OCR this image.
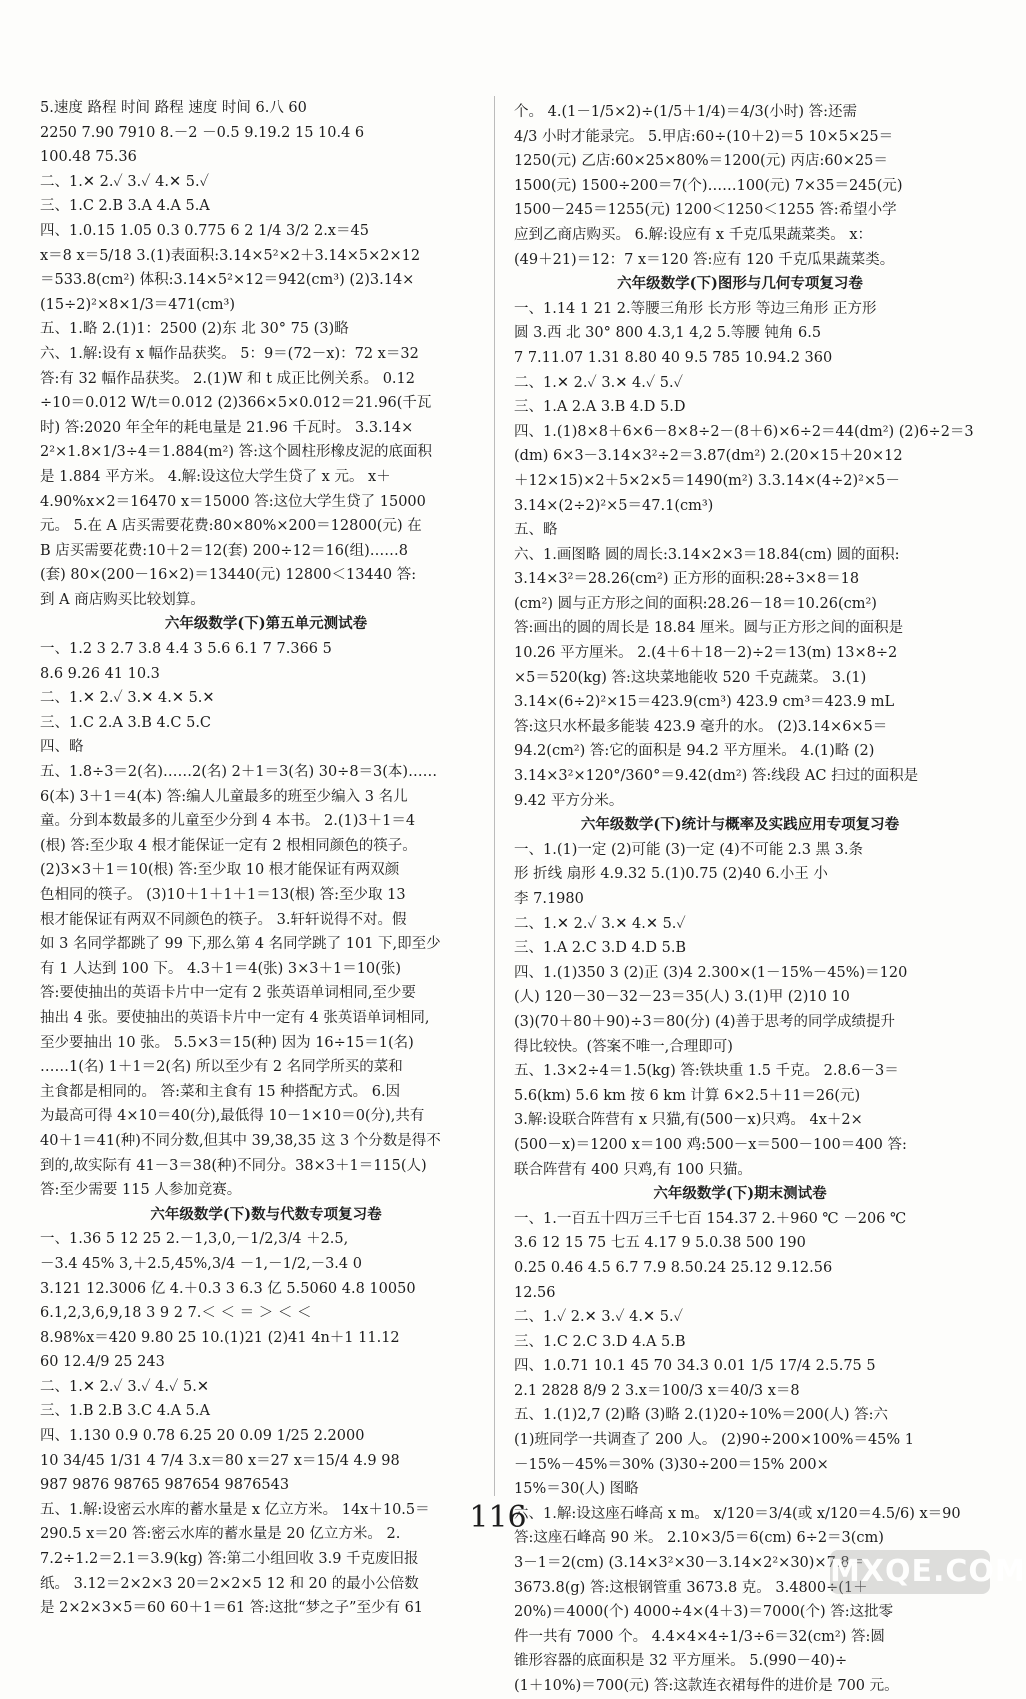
5.速度 路程 时间 路程 速度 时间 6.八 60
2250 7.90 7910 8.－2 －0.5 9.19.2 15 10.4 6
100.48 75.36
二、1.✕ 2.✓ 3.✓ 4.✕ 5.✓
三、1.C 2.B 3.A 4.A 5.A
四、1.0.15 1.05 0.3 0.775 6 2 1/4 3/2 2.x＝45
x＝8 x＝5/18 3.(1)表面积:3.14×5²×2＋3.14×5×2×12
＝533.8(cm²) 体积:3.14×5²×12＝942(cm³) (2)3.14×
(15÷2)²×8×1/3＝471(cm³)
五、1.略 2.(1)1：2500 (2)东 北 30° 75 (3)略
六、1.解:设有 x 幅作品获奖。 5：9＝(72－x)：72 x＝32
答:有 32 幅作品获奖。 2.(1)W 和 t 成正比例关系。 0.12
÷10＝0.012 W/t＝0.012 (2)366×5×0.012＝21.96(千瓦
时) 答:2020 年全年的耗电量是 21.96 千瓦时。 3.3.14×
2²×1.8×1/3÷4＝1.884(m²) 答:这个圆柱形橡皮泥的底面积
是 1.884 平方米。 4.解:设这位大学生贷了 x 元。 x＋
4.90%x×2＝16470 x＝15000 答:这位大学生贷了 15000
元。 5.在 A 店买需要花费:80×80%×200＝12800(元) 在
B 店买需要花费:10＋2＝12(套) 200÷12＝16(组)……8
(套) 80×(200－16×2)＝13440(元) 12800＜13440 答:
到 A 商店购买比较划算。
六年级数学(下)第五单元测试卷
一、1.2 3 2.7 3.8 4.4 3 5.6 6.1 7 7.366 5
8.6 9.26 41 10.3
二、1.✕ 2.✓ 3.✕ 4.✕ 5.✕
三、1.C 2.A 3.B 4.C 5.C
四、略
五、1.8÷3＝2(名)……2(名) 2＋1＝3(名) 30÷8＝3(本)……
6(本) 3＋1＝4(本) 答:编人儿童最多的班至少编入 3 名儿
童。分到本数最多的儿童至少分到 4 本书。 2.(1)3＋1＝4
(根) 答:至少取 4 根才能保证一定有 2 根相同颜色的筷子。
(2)3×3＋1＝10(根) 答:至少取 10 根才能保证有两双颜
色相同的筷子。 (3)10＋1＋1＋1＝13(根) 答:至少取 13
根才能保证有两双不同颜色的筷子。 3.轩轩说得不对。假
如 3 名同学都跳了 99 下,那么第 4 名同学跳了 101 下,即至少
有 1 人达到 100 下。 4.3＋1＝4(张) 3×3＋1＝10(张)
答:要使抽出的英语卡片中一定有 2 张英语单词相同,至少要
抽出 4 张。要使抽出的英语卡片中一定有 4 张英语单词相同,
至少要抽出 10 张。 5.5×3＝15(种) 因为 16÷15＝1(名)
……1(名) 1＋1＝2(名) 所以至少有 2 名同学所买的菜和
主食都是相同的。 答:菜和主食有 15 种搭配方式。 6.因
为最高可得 4×10＝40(分),最低得 10－1×10＝0(分),共有
40＋1＝41(种)不同分数,但其中 39,38,35 这 3 个分数是得不
到的,故实际有 41－3＝38(种)不同分。38×3＋1＝115(人)
答:至少需要 115 人参加竞赛。
六年级数学(下)数与代数专项复习卷
一、1.36 5 12 25 2.－1,3,0,－1/2,3/4 ＋2.5,
－3.4 45% 3,＋2.5,45%,3/4 －1,－1/2,－3.4 0
3.121 12.3006 亿 4.＋0.3 3 6.3 亿 5.5060 4.8 10050
6.1,2,3,6,9,18 3 9 2 7.＜ ＜ ＝ ＞ ＜ ＜
8.98%x＝420 9.80 25 10.(1)21 (2)41 4n＋1 11.12
60 12.4/9 25 243
二、1.✕ 2.✓ 3.✓ 4.✓ 5.✕
三、1.B 2.B 3.C 4.A 5.A
四、1.130 0.9 0.78 6.25 20 0.09 1/25 2.2000
10 34/45 1/31 4 7/4 3.x＝80 x＝27 x＝15/4 4.9 98
987 9876 98765 987654 9876543
五、1.解:设密云水库的蓄水量是 x 亿立方米。 14x＋10.5＝
290.5 x＝20 答:密云水库的蓄水量是 20 亿立方米。 2.
7.2÷1.2＝2.1＝3.9(kg) 答:第二小组回收 3.9 千克废旧报
纸。 3.12＝2×2×3 20＝2×2×5 12 和 20 的最小公倍数
是 2×2×3×5＝60 60＋1＝61 答:这批“梦之子”至少有 61
个。 4.(1－1/5×2)÷(1/5＋1/4)＝4/3(小时) 答:还需
4/3 小时才能录完。 5.甲店:60÷(10＋2)＝5 10×5×25＝
1250(元) 乙店:60×25×80%＝1200(元) 丙店:60×25＝
1500(元) 1500÷200＝7(个)……100(元) 7×35＝245(元)
1500－245＝1255(元) 1200＜1250＜1255 答:希望小学
应到乙商店购买。 6.解:设应有 x 千克瓜果蔬菜类。 x：
(49＋21)＝12：7 x＝120 答:应有 120 千克瓜果蔬菜类。
六年级数学(下)图形与几何专项复习卷
一、1.14 1 21 2.等腰三角形 长方形 等边三角形 正方形
圆 3.西 北 30° 800 4.3,1 4,2 5.等腰 钝角 6.5
7 7.11.07 1.31 8.80 40 9.5 785 10.94.2 360
二、1.✕ 2.✓ 3.✕ 4.✓ 5.✓
三、1.A 2.A 3.B 4.D 5.D
四、1.(1)8×8＋6×6－8×8÷2－(8＋6)×6÷2＝44(dm²) (2)6÷2＝3
(dm) 6×3－3.14×3²÷2＝3.87(dm²) 2.(20×15＋20×12
＋12×15)×2＋5×2×5＝1490(m²) 3.3.14×(4÷2)²×5－
3.14×(2÷2)²×5＝47.1(cm³)
五、略
六、1.画图略 圆的周长:3.14×2×3＝18.84(cm) 圆的面积:
3.14×3²＝28.26(cm²) 正方形的面积:28÷3×8＝18
(cm²) 圆与正方形之间的面积:28.26－18＝10.26(cm²)
答:画出的圆的周长是 18.84 厘米。圆与正方形之间的面积是
10.26 平方厘米。 2.(4＋6＋18－2)÷2＝13(m) 13×8÷2
×5＝520(kg) 答:这块菜地能收 520 千克蔬菜。 3.(1)
3.14×(6÷2)²×15＝423.9(cm³) 423.9 cm³＝423.9 mL
答:这只水杯最多能装 423.9 毫升的水。 (2)3.14×6×5＝
94.2(cm²) 答:它的面积是 94.2 平方厘米。 4.(1)略 (2)
3.14×3²×120°/360°＝9.42(dm²) 答:线段 AC 扫过的面积是
9.42 平方分米。
六年级数学(下)统计与概率及实践应用专项复习卷
一、1.(1)一定 (2)可能 (3)一定 (4)不可能 2.3 黑 3.条
形 折线 扇形 4.9.32 5.(1)0.75 (2)40 6.小王 小
李 7.1980
二、1.✕ 2.✓ 3.✕ 4.✕ 5.✓
三、1.A 2.C 3.D 4.D 5.B
四、1.(1)350 3 (2)正 (3)4 2.300×(1－15%－45%)＝120
(人) 120－30－32－23＝35(人) 3.(1)甲 (2)10 10
(3)(70＋80＋90)÷3＝80(分) (4)善于思考的同学成绩提升
得比较快。(答案不唯一,合理即可)
五、1.3×2÷4＝1.5(kg) 答:铁块重 1.5 千克。 2.8.6－3＝
5.6(km) 5.6 km 按 6 km 计算 6×2.5＋11＝26(元)
3.解:设联合阵营有 x 只猫,有(500－x)只鸡。 4x＋2×
(500－x)＝1200 x＝100 鸡:500－x＝500－100＝400 答:
联合阵营有 400 只鸡,有 100 只猫。
六年级数学(下)期末测试卷
一、1.一百五十四万三千七百 154.37 2.＋960 ℃ －206 ℃
3.6 12 15 75 七五 4.17 9 5.0.38 500 190
0.25 0.46 4.5 6.7 7.9 8.50.24 25.12 9.12.56
12.56
二、1.✓ 2.✕ 3.✓ 4.✕ 5.✓
三、1.C 2.C 3.D 4.A 5.B
四、1.0.71 10.1 45 70 34.3 0.01 1/5 17/4 2.5.75 5
2.1 2828 8/9 2 3.x＝100/3 x＝40/3 x＝8
五、1.(1)2,7 (2)略 (3)略 2.(1)20÷10%＝200(人) 答:六
(1)班同学一共调查了 200 人。 (2)90÷200×100%＝45% 1
－15%－45%＝30% (3)30÷200＝15% 200×
15%＝30(人) 图略
六、1.解:设这座石峰高 x m。 x/120＝3/4(或 x/120＝4.5/6) x＝90
答:这座石峰高 90 米。 2.10×3/5＝6(cm) 6÷2＝3(cm)
3－1＝2(cm) (3.14×3²×30－3.14×2²×30)×7.8＝
3673.8(g) 答:这根钢管重 3673.8 克。 3.4800÷(1＋
20%)＝4000(个) 4000÷4×(4＋3)＝7000(个) 答:这批零
件一共有 7000 个。 4.4×4×4÷1/3÷6＝32(cm²) 答:圆
锥形容器的底面积是 32 平方厘米。 5.(990－40)÷
(1＋10%)＝700(元) 答:这款连衣裙每件的进价是 700 元。
116
MXQE.COM
